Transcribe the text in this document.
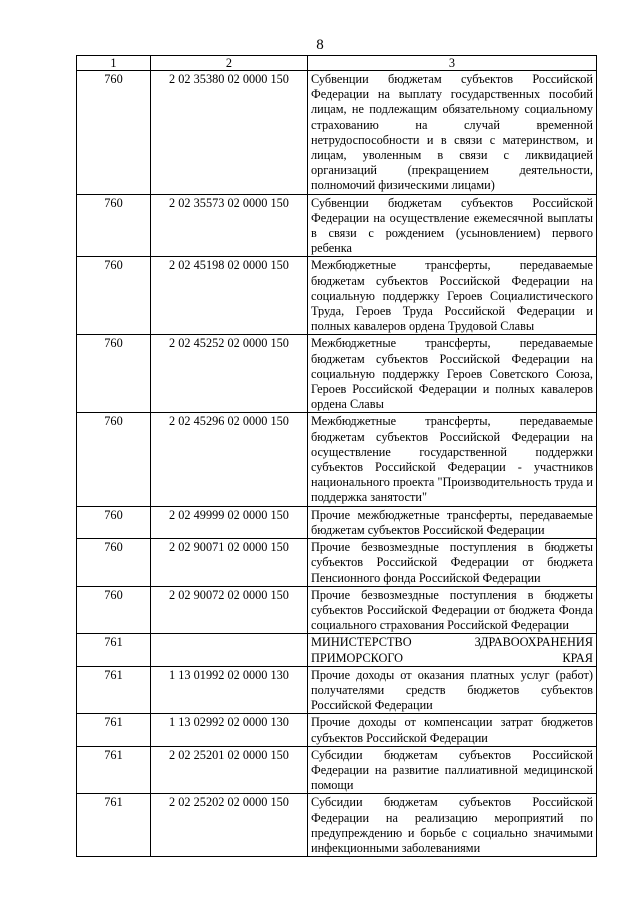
8
1	2	3
760	2 02 35380 02 0000 150	Субвенции бюджетам субъектов Российской Федерации на выплату государственных пособий лицам, не подлежащим обязательному социальному страхованию на случай временной нетрудоспособности и в связи с материнством, и лицам, уволенным в связи с ликвидацией организаций (прекращением деятельности, полномочий физическими лицами)
760	2 02 35573 02 0000 150	Субвенции бюджетам субъектов Российской Федерации на осуществление ежемесячной выплаты в связи с рождением (усыновлением) первого ребенка
760	2 02 45198 02 0000 150	Межбюджетные трансферты, передаваемые бюджетам субъектов Российской Федерации на социальную поддержку Героев Социалистического Труда, Героев Труда Российской Федерации и полных кавалеров ордена Трудовой Славы
760	2 02 45252 02 0000 150	Межбюджетные трансферты, передаваемые бюджетам субъектов Российской Федерации на социальную поддержку Героев Советского Союза, Героев Российской Федерации и полных кавалеров ордена Славы
760	2 02 45296 02 0000 150	Межбюджетные трансферты, передаваемые бюджетам субъектов Российской Федерации на осуществление государственной поддержки субъектов Российской Федерации - участников национального проекта "Производительность труда и поддержка занятости"
760	2 02 49999 02 0000 150	Прочие межбюджетные трансферты, передаваемые бюджетам субъектов Российской Федерации
760	2 02 90071 02 0000 150	Прочие безвозмездные поступления в бюджеты субъектов Российской Федерации от бюджета Пенсионного фонда Российской Федерации
760	2 02 90072 02 0000 150	Прочие безвозмездные поступления в бюджеты субъектов Российской Федерации от бюджета Фонда социального страхования Российской Федерации
761		МИНИСТЕРСТВО ЗДРАВООХРАНЕНИЯ ПРИМОРСКОГО КРАЯ
761	1 13 01992 02 0000 130	Прочие доходы от оказания платных услуг (работ) получателями средств бюджетов субъектов Российской Федерации
761	1 13 02992 02 0000 130	Прочие доходы от компенсации затрат бюджетов субъектов Российской Федерации
761	2 02 25201 02 0000 150	Субсидии бюджетам субъектов Российской Федерации на развитие паллиативной медицинской помощи
761	2 02 25202 02 0000 150	Субсидии бюджетам субъектов Российской Федерации на реализацию мероприятий по предупреждению и борьбе с социально значимыми инфекционными заболеваниями
